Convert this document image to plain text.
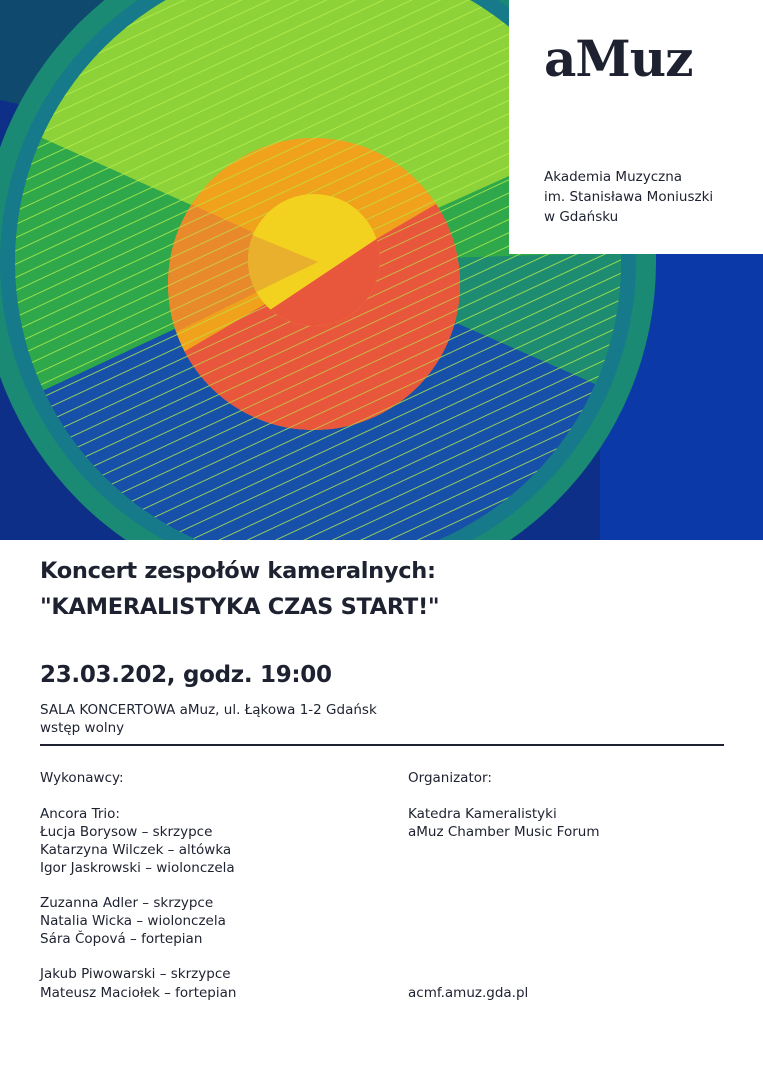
aMuz
Akademia Muzyczna
im. Stanisława Moniuszki
w Gdańsku
Koncert zespołów kameralnych:
"KAMERALISTYKA CZAS START!"
23.03.202, godz. 19:00
SALA KONCERTOWA aMuz, ul. Łąkowa 1-2 Gdańsk
wstęp wolny
Wykonawcy:
Ancora Trio:
Łucja Borysow – skrzypce
Katarzyna Wilczek – altówka
Igor Jaskrowski – wiolonczela
Zuzanna Adler – skrzypce
Natalia Wicka – wiolonczela
Sára Čopová – fortepian
Jakub Piwowarski – skrzypce
Mateusz Maciołek – fortepian
Organizator:
Katedra Kameralistyki
aMuz Chamber Music Forum
acmf.amuz.gda.pl
